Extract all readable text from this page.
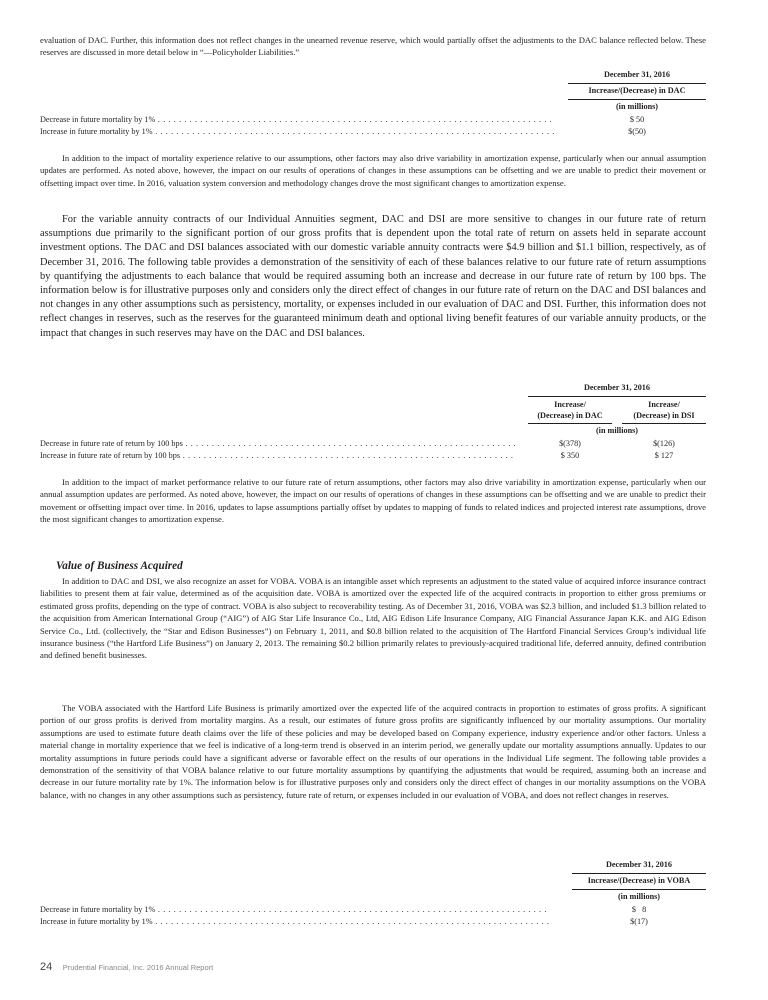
evaluation of DAC. Further, this information does not reflect changes in the unearned revenue reserve, which would partially offset the adjustments to the DAC balance reflected below. These reserves are discussed in more detail below in “—Policyholder Liabilities.”

December 31, 2016
Increase/(Decrease) in DAC
(in millions)
Decrease in future mortality by 1% . . .	$ 50
Increase in future mortality by 1% . . .	$(50)

In addition to the impact of mortality experience relative to our assumptions, other factors may also drive variability in amortization expense, particularly when our annual assumption updates are performed. As noted above, however, the impact on our results of operations of changes in these assumptions can be offsetting and we are unable to predict their movement or offsetting impact over time. In 2016, valuation system conversion and methodology changes drove the most significant changes to amortization expense.

For the variable annuity contracts of our Individual Annuities segment, DAC and DSI are more sensitive to changes in our future rate of return assumptions due primarily to the significant portion of our gross profits that is dependent upon the total rate of return on assets held in separate account investment options. The DAC and DSI balances associated with our domestic variable annuity contracts were $4.9 billion and $1.1 billion, respectively, as of December 31, 2016. The following table provides a demonstration of the sensitivity of each of these balances relative to our future rate of return assumptions by quantifying the adjustments to each balance that would be required assuming both an increase and decrease in our future rate of return by 100 bps. The information below is for illustrative purposes only and considers only the direct effect of changes in our future rate of return on the DAC and DSI balances and not changes in any other assumptions such as persistency, mortality, or expenses included in our evaluation of DAC and DSI. Further, this information does not reflect changes in reserves, such as the reserves for the guaranteed minimum death and optional living benefit features of our variable annuity products, or the impact that changes in such reserves may have on the DAC and DSI balances.

December 31, 2016
Increase/
(Decrease) in DAC
Increase/
(Decrease) in DSI
(in millions)
Decrease in future rate of return by 100 bps . . .	$(378)	$(126)
Increase in future rate of return by 100 bps . . .	$ 350	$ 127

In addition to the impact of market performance relative to our future rate of return assumptions, other factors may also drive variability in amortization expense, particularly when our annual assumption updates are performed. As noted above, however, the impact on our results of operations of changes in these assumptions can be offsetting and we are unable to predict their movement or offsetting impact over time. In 2016, updates to lapse assumptions partially offset by updates to mapping of funds to related indices and projected interest rate assumptions, drove the most significant changes to amortization expense.

Value of Business Acquired

In addition to DAC and DSI, we also recognize an asset for VOBA. VOBA is an intangible asset which represents an adjustment to the stated value of acquired inforce insurance contract liabilities to present them at fair value, determined as of the acquisition date. VOBA is amortized over the expected life of the acquired contracts in proportion to either gross premiums or estimated gross profits, depending on the type of contract. VOBA is also subject to recoverability testing. As of December 31, 2016, VOBA was $2.3 billion, and included $1.3 billion related to the acquisition from American International Group (“AIG”) of AIG Star Life Insurance Co., Ltd, AIG Edison Life Insurance Company, AIG Financial Assurance Japan K.K. and AIG Edison Service Co., Ltd. (collectively, the “Star and Edison Businesses”) on February 1, 2011, and $0.8 billion related to the acquisition of The Hartford Financial Services Group’s individual life insurance business (“the Hartford Life Business”) on January 2, 2013. The remaining $0.2 billion primarily relates to previously-acquired traditional life, deferred annuity, defined contribution and defined benefit businesses.

The VOBA associated with the Hartford Life Business is primarily amortized over the expected life of the acquired contracts in proportion to estimates of gross profits. A significant portion of our gross profits is derived from mortality margins. As a result, our estimates of future gross profits are significantly influenced by our mortality assumptions. Our mortality assumptions are used to estimate future death claims over the life of these policies and may be developed based on Company experience, industry experience and/or other factors. Unless a material change in mortality experience that we feel is indicative of a long-term trend is observed in an interim period, we generally update our mortality assumptions annually. Updates to our mortality assumptions in future periods could have a significant adverse or favorable effect on the results of our operations in the Individual Life segment. The following table provides a demonstration of the sensitivity of that VOBA balance relative to our future mortality assumptions by quantifying the adjustments that would be required, assuming both an increase and decrease in our future mortality rate by 1%. The information below is for illustrative purposes only and considers only the direct effect of changes in our mortality assumptions on the VOBA balance, with no changes in any other assumptions such as persistency, future rate of return, or expenses included in our evaluation of VOBA, and does not reflect changes in reserves.

December 31, 2016
Increase/(Decrease) in VOBA
(in millions)
Decrease in future mortality by 1% . . .	$   8
Increase in future mortality by 1% . . .	$(17)
24 Prudential Financial, Inc. 2016 Annual Report
